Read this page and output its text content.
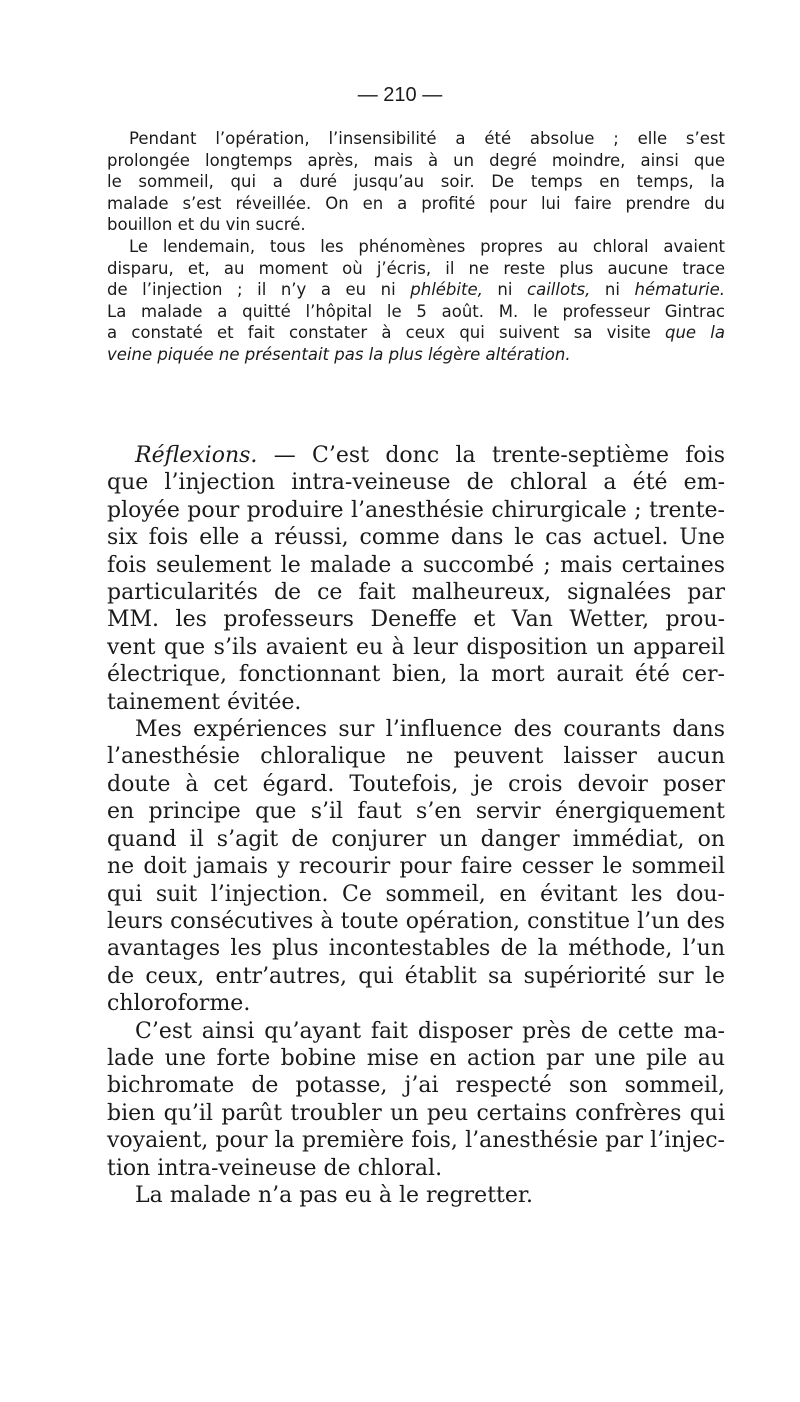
— 210 —
Pendant l’opération, l’insensibilité a été absolue ; elle s’est
prolongée longtemps après, mais à un degré moindre, ainsi que
le sommeil, qui a duré jusqu’au soir. De temps en temps, la
malade s’est réveillée. On en a profité pour lui faire prendre du
bouillon et du vin sucré.
Le lendemain, tous les phénomènes propres au chloral avaient
disparu, et, au moment où j’écris, il ne reste plus aucune trace
de l’injection ; il n’y a eu ni phlébite, ni caillots, ni hématurie.
La malade a quitté l’hôpital le 5 août. M. le professeur Gintrac
a constaté et fait constater à ceux qui suivent sa visite que la
veine piquée ne présentait pas la plus légère altération.
Réflexions. — C’est donc la trente-septième fois
que l’injection intra-veineuse de chloral a été em-
ployée pour produire l’anesthésie chirurgicale ; trente-
six fois elle a réussi, comme dans le cas actuel. Une
fois seulement le malade a succombé ; mais certaines
particularités de ce fait malheureux, signalées par
MM. les professeurs Deneffe et Van Wetter, prou-
vent que s’ils avaient eu à leur disposition un appareil
électrique, fonctionnant bien, la mort aurait été cer-
tainement évitée.
Mes expériences sur l’influence des courants dans
l’anesthésie chloralique ne peuvent laisser aucun
doute à cet égard. Toutefois, je crois devoir poser
en principe que s’il faut s’en servir énergiquement
quand il s’agit de conjurer un danger immédiat, on
ne doit jamais y recourir pour faire cesser le sommeil
qui suit l’injection. Ce sommeil, en évitant les dou-
leurs consécutives à toute opération, constitue l’un des
avantages les plus incontestables de la méthode, l’un
de ceux, entr’autres, qui établit sa supériorité sur le
chloroforme.
C’est ainsi qu’ayant fait disposer près de cette ma-
lade une forte bobine mise en action par une pile au
bichromate de potasse, j’ai respecté son sommeil,
bien qu’il parût troubler un peu certains confrères qui
voyaient, pour la première fois, l’anesthésie par l’injec-
tion intra-veineuse de chloral.
La malade n’a pas eu à le regretter.
